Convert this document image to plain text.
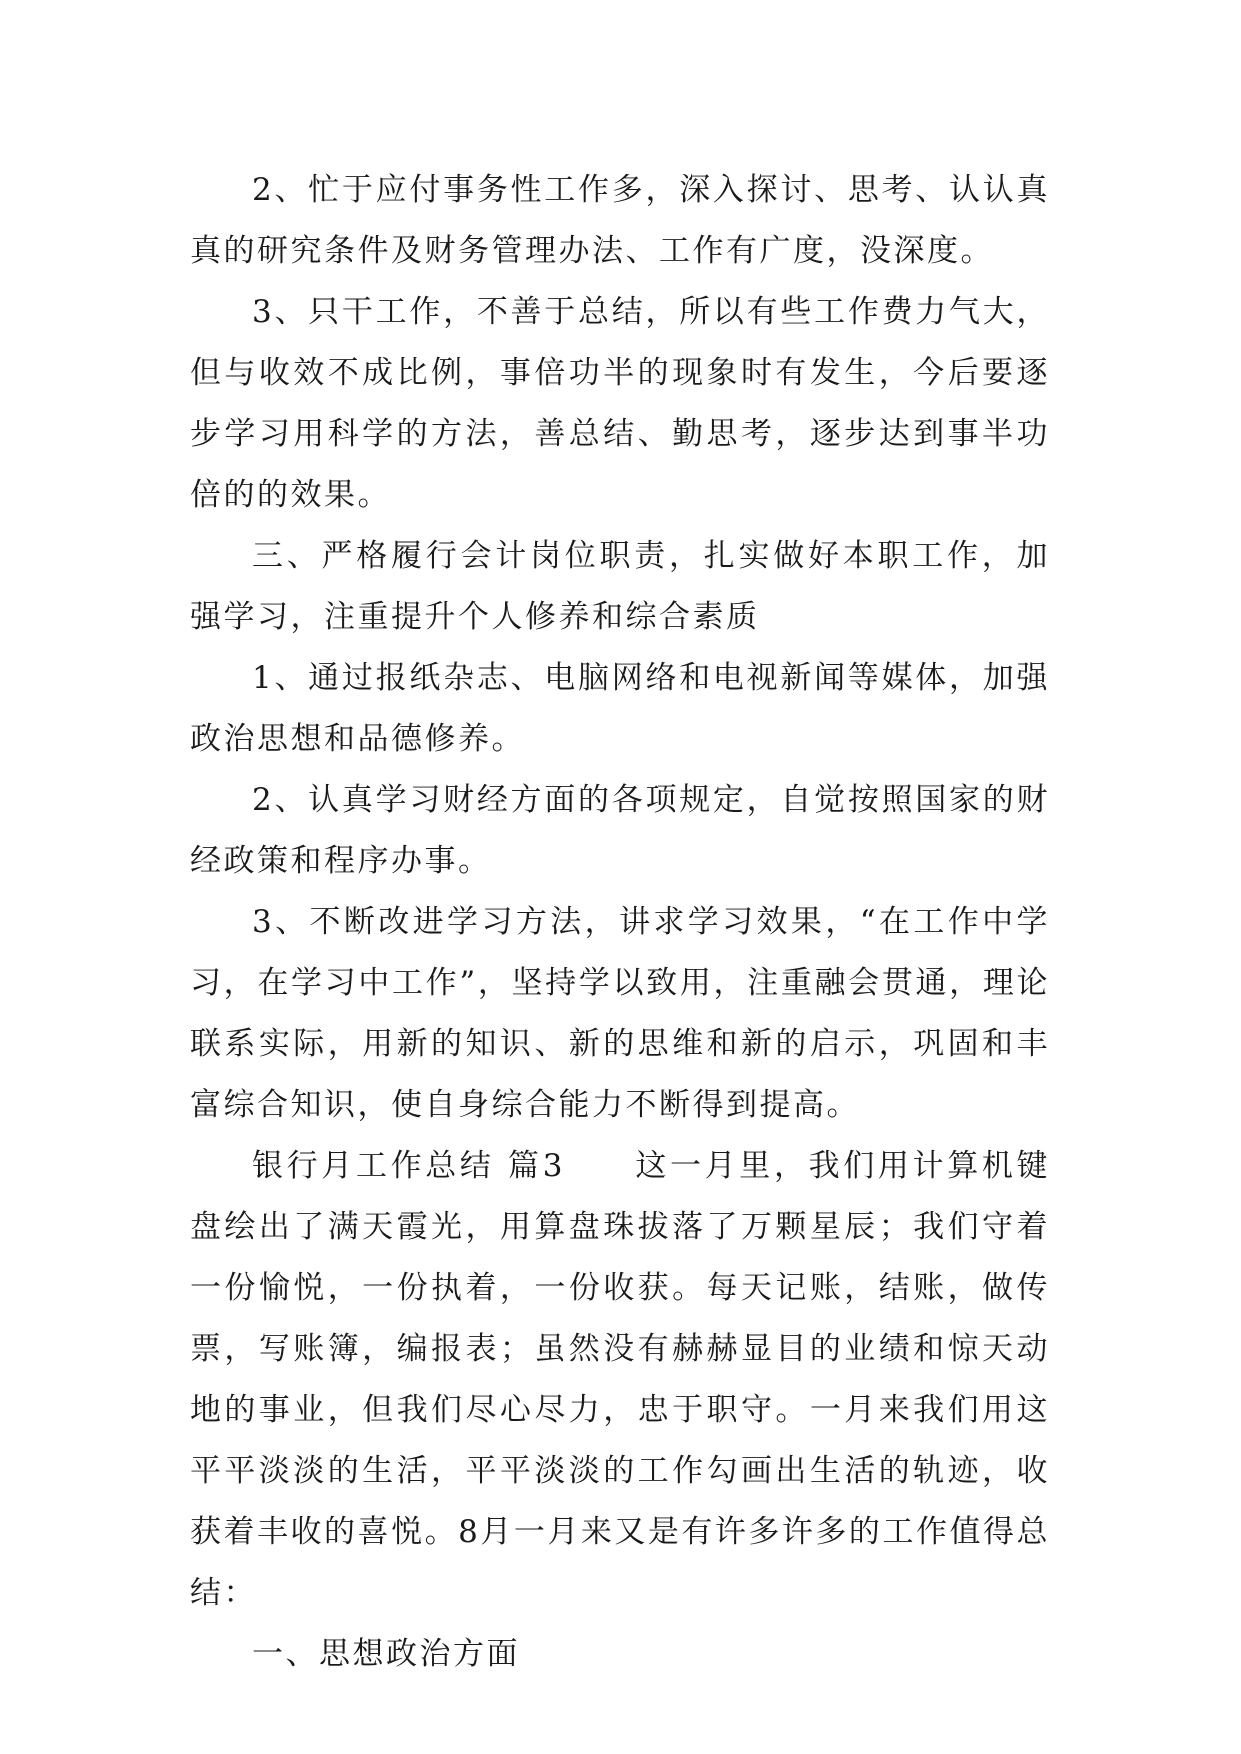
2、忙于应付事务性工作多，深入探讨、思考、认认真真的研究条件及财务管理办法、工作有广度，没深度。

3、只干工作，不善于总结，所以有些工作费力气大，但与收效不成比例，事倍功半的现象时有发生，今后要逐步学习用科学的方法，善总结、勤思考，逐步达到事半功倍的的效果。

三、严格履行会计岗位职责，扎实做好本职工作，加强学习，注重提升个人修养和综合素质

1、通过报纸杂志、电脑网络和电视新闻等媒体，加强政治思想和品德修养。

2、认真学习财经方面的各项规定，自觉按照国家的财经政策和程序办事。

3、不断改进学习方法，讲求学习效果，“在工作中学习，在学习中工作”，坚持学以致用，注重融会贯通，理论联系实际，用新的知识、新的思维和新的启示，巩固和丰富综合知识，使自身综合能力不断得到提高。

银行月工作总结 篇3　　这一月里，我们用计算机键盘绘出了满天霞光，用算盘珠拔落了万颗星辰；我们守着一份愉悦，一份执着，一份收获。每天记账，结账，做传票，写账簿，编报表；虽然没有赫赫显目的业绩和惊天动地的事业，但我们尽心尽力，忠于职守。一月来我们用这平平淡淡的生活，平平淡淡的工作勾画出生活的轨迹，收获着丰收的喜悦。8月一月来又是有许多许多的工作值得总结：

一、思想政治方面
